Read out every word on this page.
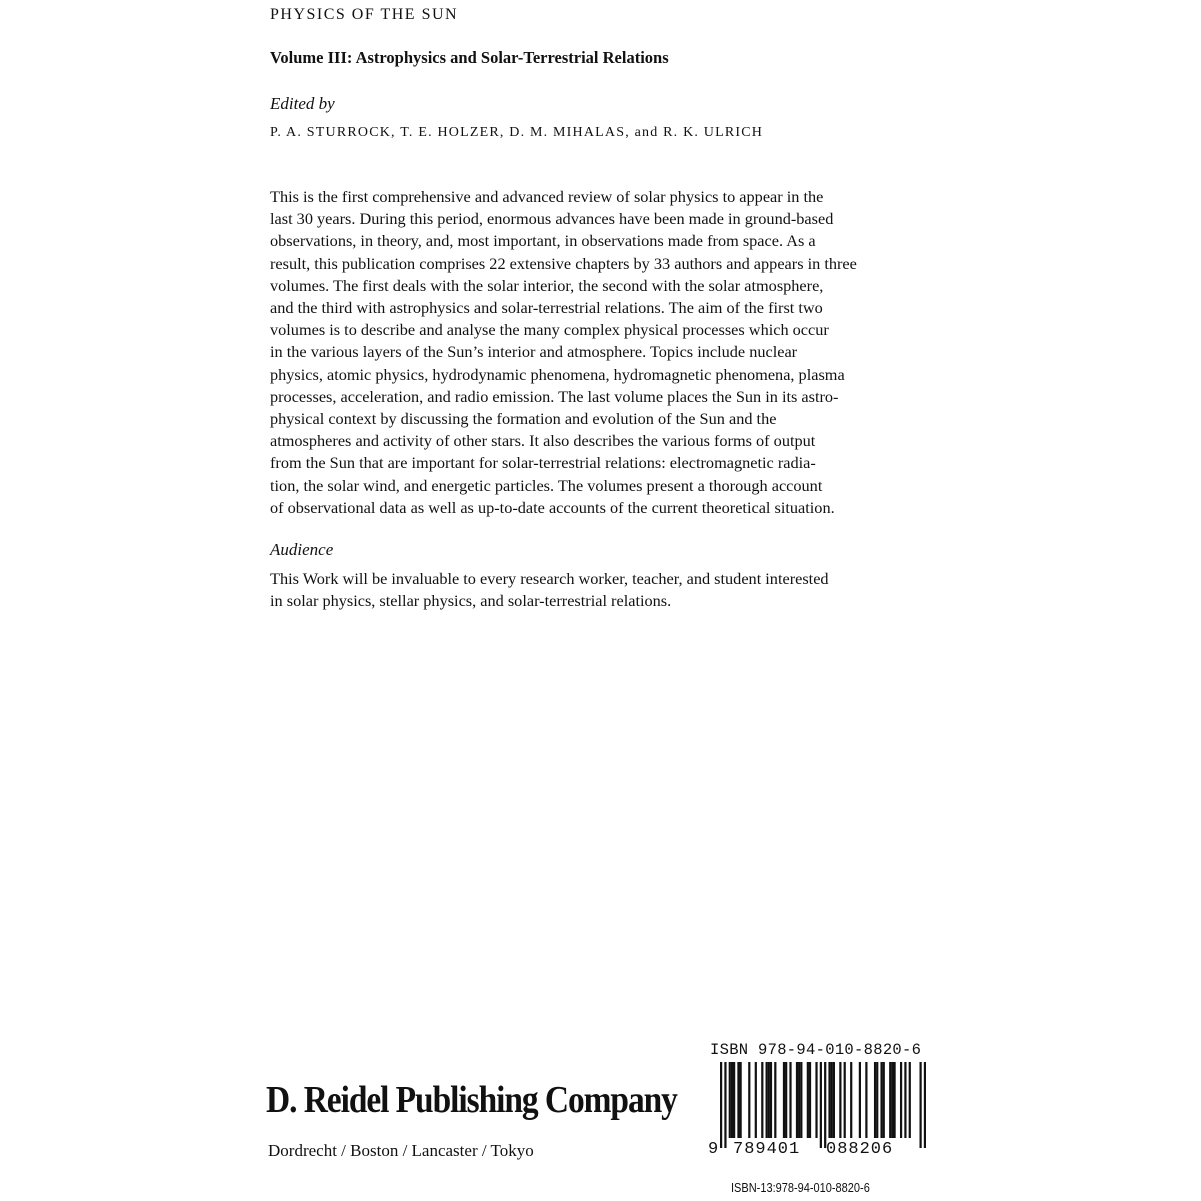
PHYSICS OF THE SUN
Volume III: Astrophysics and Solar-Terrestrial Relations
Edited by
P. A. STURROCK, T. E. HOLZER, D. M. MIHALAS, and R. K. ULRICH
This is the first comprehensive and advanced review of solar physics to appear in the
last 30 years. During this period, enormous advances have been made in ground-based
observations, in theory, and, most important, in observations made from space. As a
result, this publication comprises 22 extensive chapters by 33 authors and appears in three
volumes. The first deals with the solar interior, the second with the solar atmosphere,
and the third with astrophysics and solar-terrestrial relations. The aim of the first two
volumes is to describe and analyse the many complex physical processes which occur
in the various layers of the Sun’s interior and atmosphere. Topics include nuclear
physics, atomic physics, hydrodynamic phenomena, hydromagnetic phenomena, plasma
processes, acceleration, and radio emission. The last volume places the Sun in its astro-
physical context by discussing the formation and evolution of the Sun and the
atmospheres and activity of other stars. It also describes the various forms of output
from the Sun that are important for solar-terrestrial relations: electromagnetic radia-
tion, the solar wind, and energetic particles. The volumes present a thorough account
of observational data as well as up-to-date accounts of the current theoretical situation.
Audience
This Work will be invaluable to every research worker, teacher, and student interested
in solar physics, stellar physics, and solar-terrestrial relations.
D. Reidel Publishing Company
Dordrecht / Boston / Lancaster / Tokyo
ISBN 978-94-010-8820-6
9 789401 088206
ISBN-13:978-94-010-8820-6
